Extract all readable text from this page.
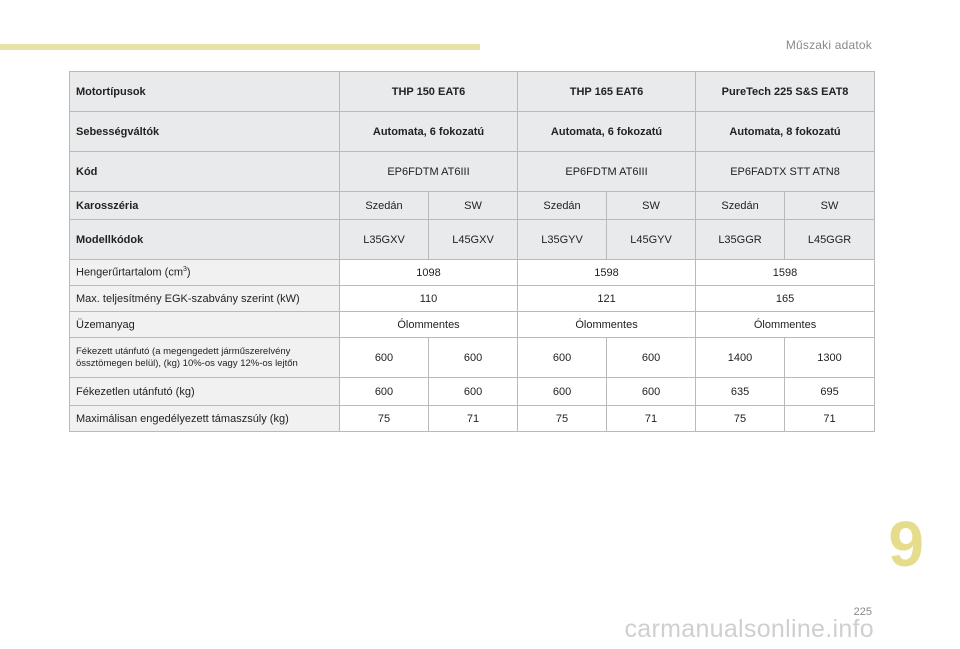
Műszaki adatok
Motortípusok	THP 150 EAT6		THP 165 EAT6		PureTech 225 S&S EAT8	
Sebességváltók	Automata, 6 fokozatú		Automata, 6 fokozatú		Automata, 8 fokozatú	
Kód	EP6FDTM AT6III		EP6FDTM AT6III		EP6FADTX STT ATN8	
Karosszéria	Szedán	SW	Szedán	SW	Szedán	SW
Modellkódok	L35GXV	L45GXV	L35GYV	L45GYV	L35GGR	L45GGR
Hengerűrtartalom $(cm^3)$	1098		1598		1598	
Max. teljesítmény EGK-szabvány szerint (kW)	110		121		165	
Üzemanyag	Ólommentes		Ólommentes		Ólommentes	
Fékezett utánfutó (a megengedett járműszerelvény
össztömegen belül), (kg) 10%-os vagy 12%-os lejtőn	600	600	600	600	1400	1300
Fékezetlen utánfutó (kg)	600	600	600	600	635	695
Maximálisan engedélyezett támaszsúly (kg)	75	71	75	71	75	71
9
225
carmanualsonline.info
